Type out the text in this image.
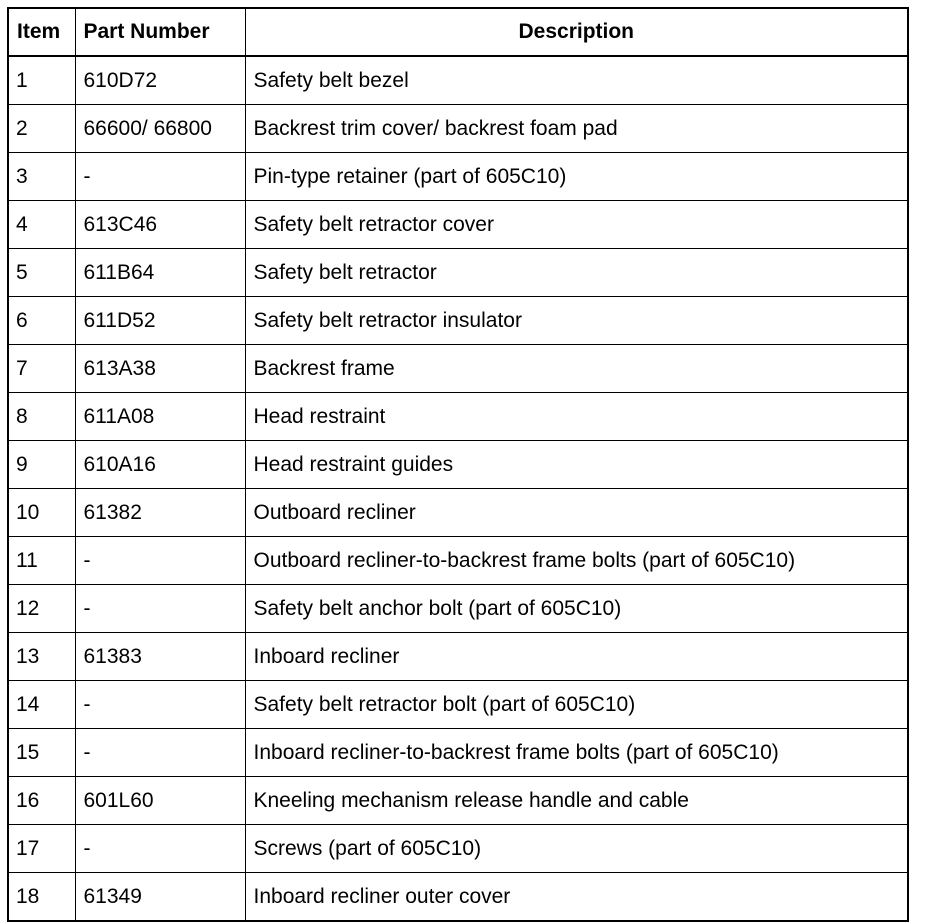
Item	Part Number	Description
1	610D72	Safety belt bezel
2	66600/ 66800	Backrest trim cover/ backrest foam pad
3	-	Pin-type retainer (part of 605C10)
4	613C46	Safety belt retractor cover
5	611B64	Safety belt retractor
6	611D52	Safety belt retractor insulator
7	613A38	Backrest frame
8	611A08	Head restraint
9	610A16	Head restraint guides
10	61382	Outboard recliner
11	-	Outboard recliner-to-backrest frame bolts (part of 605C10)
12	-	Safety belt anchor bolt (part of 605C10)
13	61383	Inboard recliner
14	-	Safety belt retractor bolt (part of 605C10)
15	-	Inboard recliner-to-backrest frame bolts (part of 605C10)
16	601L60	Kneeling mechanism release handle and cable
17	-	Screws (part of 605C10)
18	61349	Inboard recliner outer cover
